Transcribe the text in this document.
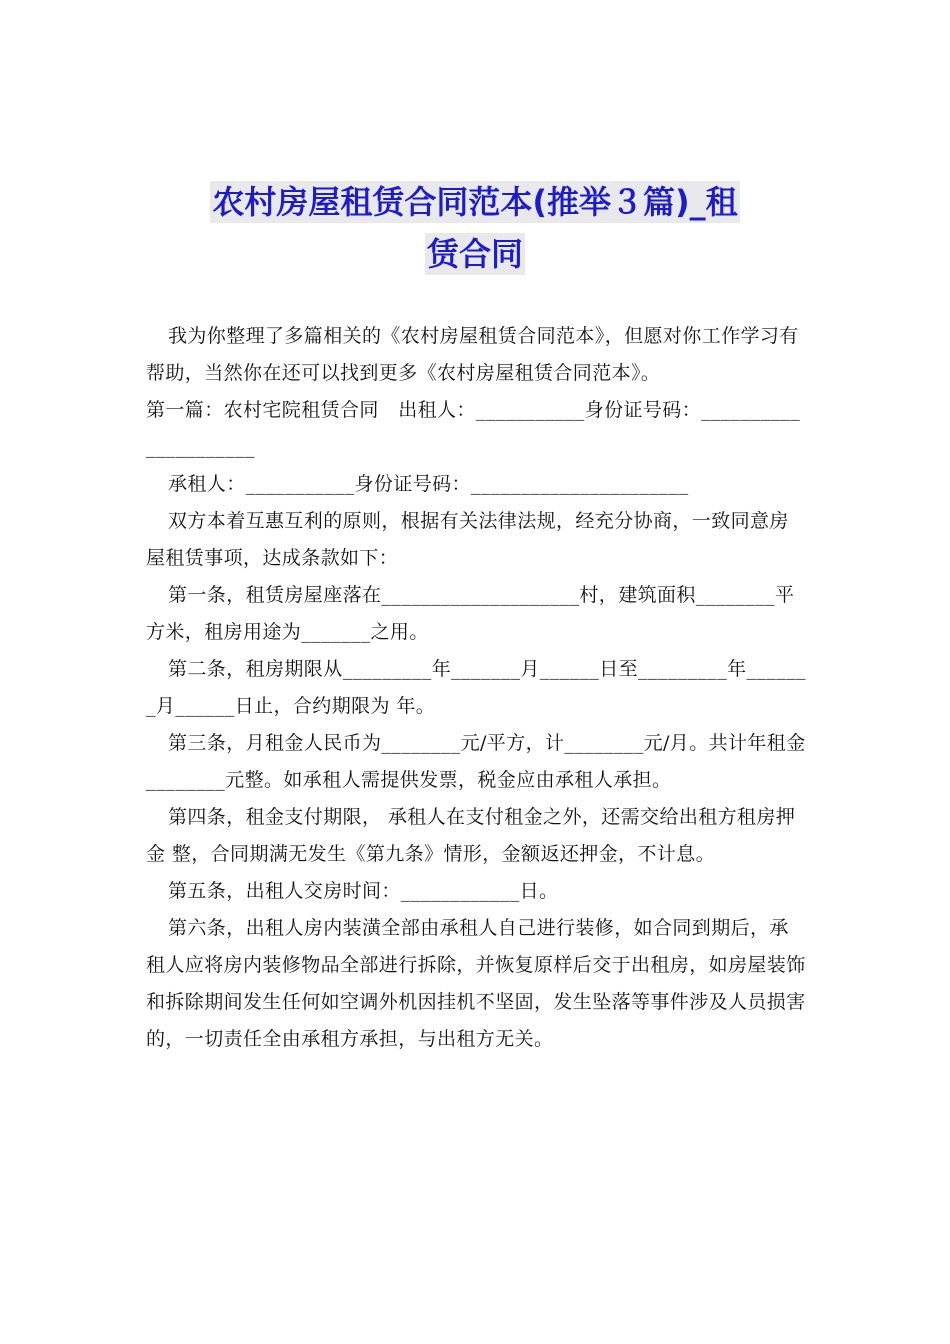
农村房屋租赁合同范本(推举３篇)_租
赁合同

我为你整理了多篇相关的《农村房屋租赁合同范本》，但愿对你工作学习有帮助，当然你在还可以找到更多《农村房屋租赁合同范本》。

第一篇：农村宅院租赁合同　出租人：___________身份证号码：_____________________

承租人：___________身份证号码：______________________

双方本着互惠互利的原则，根据有关法律法规，经充分协商，一致同意房屋租赁事项，达成条款如下：

第一条，租赁房屋座落在____________________村，建筑面积________平方米，租房用途为_______之用。

第二条，租房期限从_________年_______月______日至_________年_______月______日止，合约期限为 年。

第三条，月租金人民币为________元/平方，计________元/月。共计年租金________元整。如承租人需提供发票，税金应由承租人承担。

第四条，租金支付期限， 承租人在支付租金之外，还需交给出租方租房押金 整，合同期满无发生《第九条》情形，金额返还押金，不计息。

第五条，出租人交房时间：____________日。

第六条，出租人房内装潢全部由承租人自己进行装修，如合同到期后，承租人应将房内装修物品全部进行拆除，并恢复原样后交于出租房，如房屋装饰和拆除期间发生任何如空调外机因挂机不坚固，发生坠落等事件涉及人员损害的，一切责任全由承租方承担，与出租方无关。
